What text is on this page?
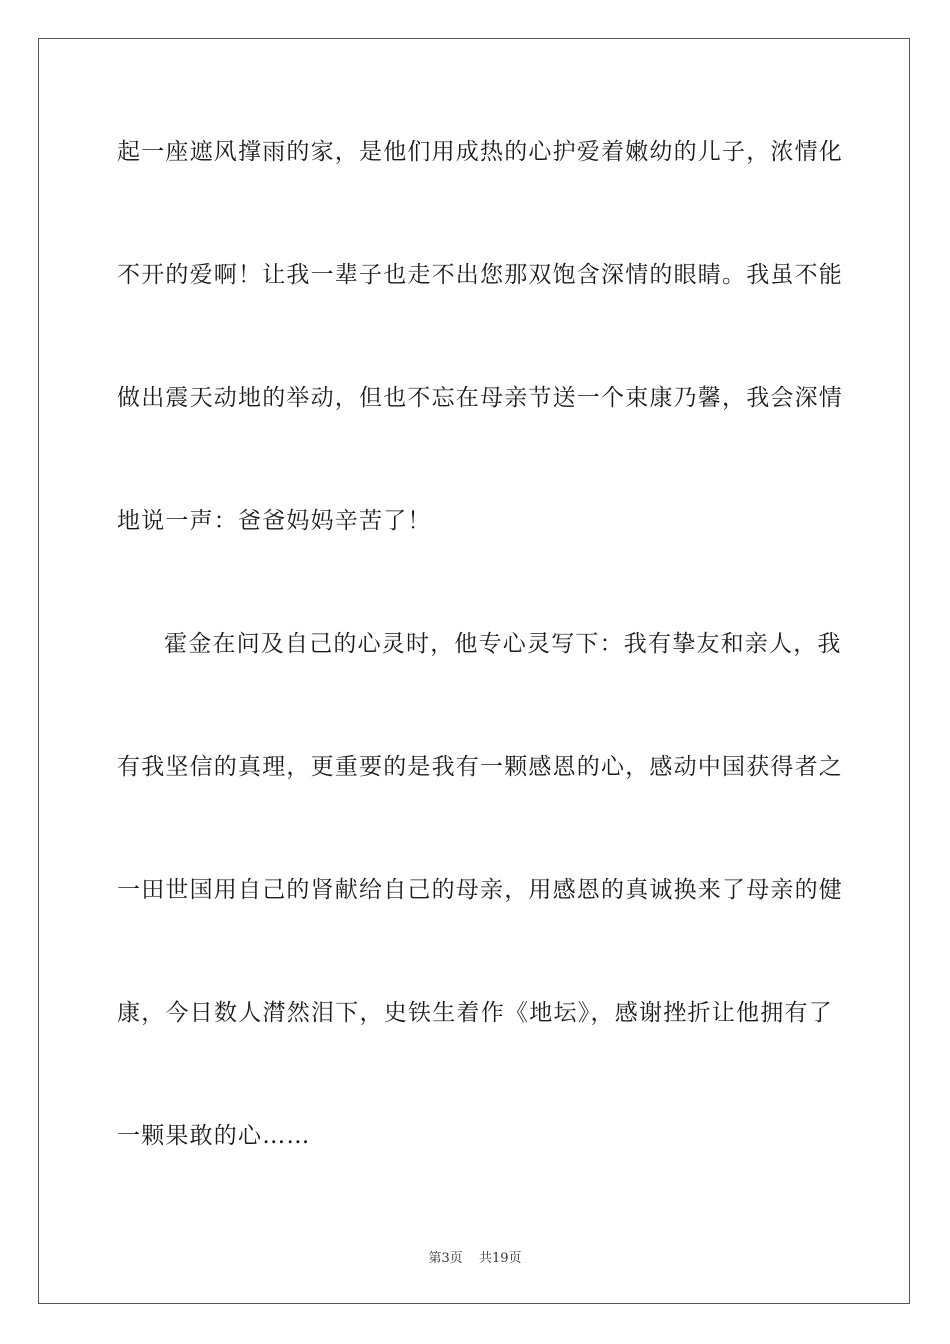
起一座遮风撑雨的家，是他们用成热的心护爱着嫩幼的儿子，浓情化
不开的爱啊！让我一辈子也走不出您那双饱含深情的眼睛。我虽不能
做出震天动地的举动，但也不忘在母亲节送一个束康乃馨，我会深情
地说一声：爸爸妈妈辛苦了！
霍金在问及自己的心灵时，他专心灵写下：我有挚友和亲人，我
有我坚信的真理，更重要的是我有一颗感恩的心，感动中国获得者之
一田世国用自己的肾献给自己的母亲，用感恩的真诚换来了母亲的健
康，今日数人潸然泪下，史铁生着作《地坛》，感谢挫折让他拥有了
一颗果敢的心……
第3页 共19页
